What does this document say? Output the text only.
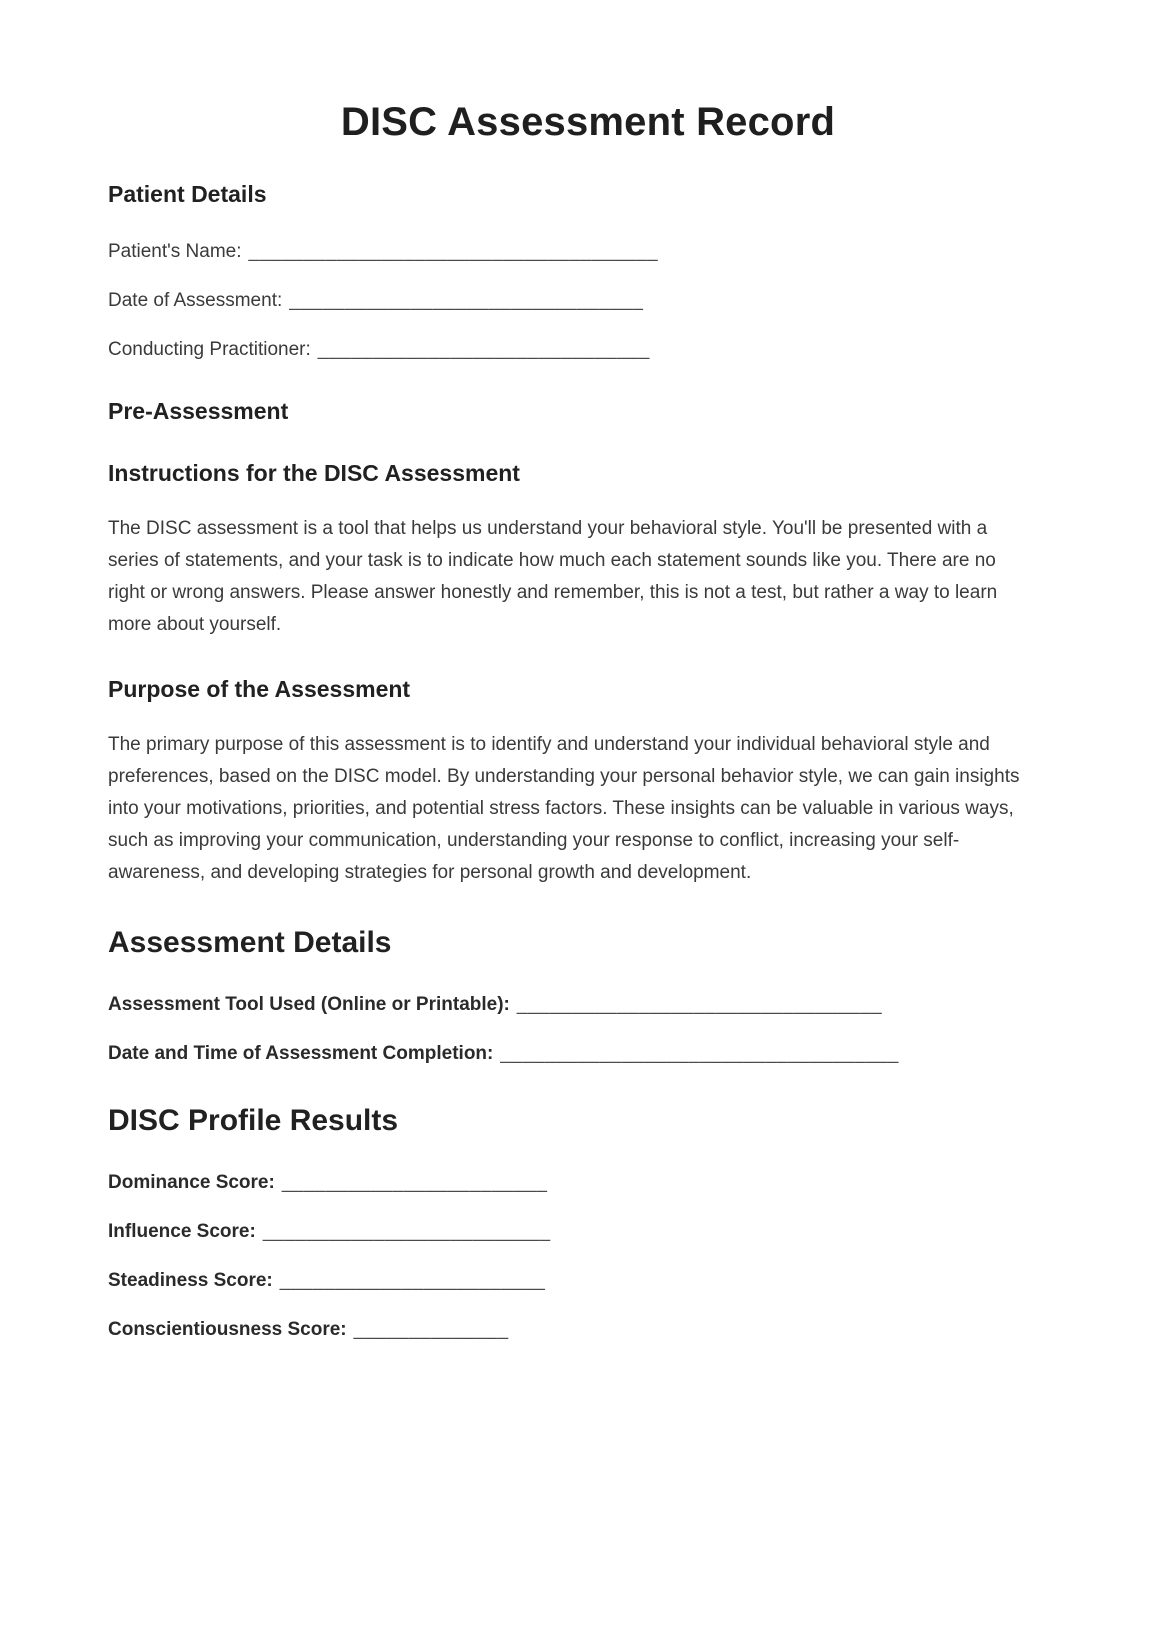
DISC Assessment Record
Patient Details

Patient's Name: _____________________________________

Date of Assessment: ________________________________

Conducting Practitioner: ______________________________

Pre-Assessment
Instructions for the DISC Assessment

The DISC assessment is a tool that helps us understand your behavioral style. You'll be presented with a series of statements, and your task is to indicate how much each statement sounds like you. There are no right or wrong answers. Please answer honestly and remember, this is not a test, but rather a way to learn more about yourself.

Purpose of the Assessment

The primary purpose of this assessment is to identify and understand your individual behavioral style and preferences, based on the DISC model. By understanding your personal behavior style, we can gain insights into your motivations, priorities, and potential stress factors. These insights can be valuable in various ways, such as improving your communication, understanding your response to conflict, increasing your self-awareness, and developing strategies for personal growth and development.

Assessment Details

Assessment Tool Used (Online or Printable): _________________________________

Date and Time of Assessment Completion: ____________________________________

DISC Profile Results

Dominance Score: ________________________

Influence Score: __________________________

Steadiness Score: ________________________

Conscientiousness Score: ______________
